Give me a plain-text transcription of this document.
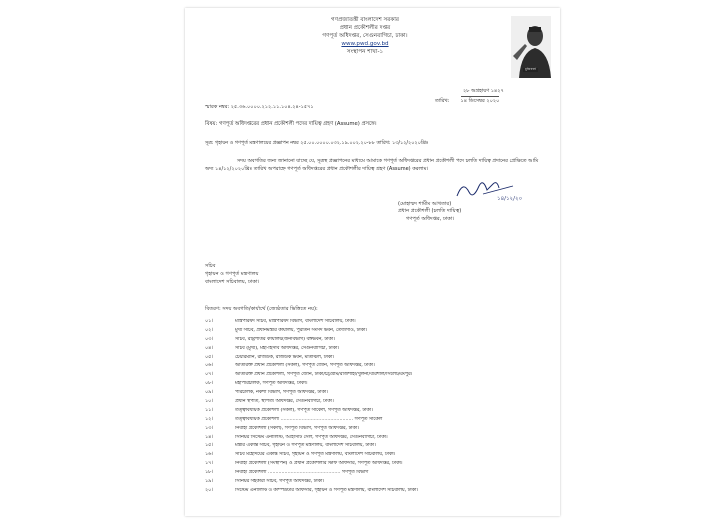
গণপ্রজাতন্ত্রী বাংলাদেশ সরকার
প্রধান প্রকৌশলীর দপ্তর
গণপূর্ত অধিদপ্তর, সেগুনবাগিচা, ঢাকা।
www.pwd.gov.bd
সংস্থাপন শাখা-১
মুজিববর্ষ
২৮ অগ্রহায়ণ ১৪২৭
তারিখ: ১৪ ডিসেম্বর ২০২০
স্মারক নম্বর: ২৫.৩৬.০০০০.২১২.১১.১০৪.২৪-১৫৭১
বিষয়: গণপূর্ত অধিদপ্তরের প্রধান প্রকৌশলী পদের দায়িত্ব গ্রহণ (Assume) প্রসঙ্গে।
সূত্র: গৃহায়ন ও গণপূর্ত মন্ত্রণালয়ের প্রজ্ঞাপন নম্বর ২৫.০০.০০০০.০৩২.১৯.০০২.২০-৮৮ তারিখ: ১৩/১২/২০২০খ্রিঃ
সদয় অবগতির জন্য জানানো যাচ্ছে যে, সূত্রস্থ প্রজ্ঞাপনের মাধ্যমে আমাকে গণপূর্ত অধিদপ্তরের প্রধান প্রকৌশলী পদে চলতি দায়িত্ব প্রদানের প্রেক্ষিতে আমি অদ্য ১৪/১২/২০২০খ্রিঃ তারিখ অপরাহ্নে গণপূর্ত অধিদপ্তরের প্রধান প্রকৌশলীর দায়িত্ব গ্রহণ (Assume) করলাম।
১৪/১২/২০
(মোহাম্মদ শামীম আখতার)
প্রধান প্রকৌশলী (চলতি দায়িত্ব)
গণপূর্ত অধিদপ্তর, ঢাকা।
সচিব
গৃহায়ন ও গণপূর্ত মন্ত্রণালয়
বাংলাদেশ সচিবালয়, ঢাকা।
বিতরণ: সদয় অবগতি/কার্যার্থে (জ্যেষ্ঠতার ভিত্তিতে নয়):
০১।	মন্ত্রিপরিষদ সচিব, মন্ত্রিপরিষদ বিভাগ, বাংলাদেশ সচিবালয়, ঢাকা।
০২।	মুখ্য সচিব, প্রধানমন্ত্রীর কার্যালয়, পুরাতন সংসদ ভবন, তেজগাঁও, ঢাকা।
০৩।	সচিব, রাষ্ট্রপতির কার্যালয়(জনবিভাগ) বঙ্গভবন, ঢাকা।
০৪।	সচিব (মুখ্য), মহা-হিসাব অধিদপ্তর, সেগুনবাগিচা, ঢাকা।
০৫।	চেয়ারম্যান, রাজউক, রাজউক ভবন, মতিঝিল, ঢাকা।
০৬।	অতিরিক্ত প্রধান প্রকৌশলী (সকল), গণপূর্ত জোন, গণপূর্ত অধিদপ্তর, ঢাকা।
০৭।	অতিরিক্ত প্রধান প্রকৌশলী, গণপূর্ত জোন, ঢাকা/চট্টগ্রাম/রাজশাহী/খুলনা/বরিশাল/সিলেট/রংপুর।
০৮।	মহাপরিচালক, গণপূর্ত অধিদপ্তর, ঢাকা।
০৯।	পরিচালক, নকশা বিভাগ, গণপূর্ত অধিদপ্তর, ঢাকা।
১০।	প্রধান স্থপতি, স্থাপত্য অধিদপ্তর, সেগুনবাগিচা, ঢাকা।
১১।	তত্ত্বাবধায়ক প্রকৌশলী (সকল), গণপূর্ত সার্কেল, গণপূর্ত অধিদপ্তর, ঢাকা।
১২।	তত্ত্বাবধায়ক প্রকৌশলী ................................................ গণপূর্ত সার্কেল
১৩।	নির্বাহী প্রকৌশলী (সকল), গণপূর্ত বিভাগ, গণপূর্ত অধিদপ্তর, ঢাকা।
১৪।	সিনিয়র সিস্টেম এনালিস্ট, আইসিটি সেল, গণপূর্ত অধিদপ্তর, সেগুনবাগিচা, ঢাকা।
১৫।	মন্ত্রীর একান্ত সচিব, গৃহায়ন ও গণপূর্ত মন্ত্রণালয়, বাংলাদেশ সচিবালয়, ঢাকা।
১৬।	সচিব মহোদয়ের একান্ত সচিব, গৃহায়ন ও গণপূর্ত মন্ত্রণালয়, বাংলাদেশ সচিবালয়, ঢাকা।
১৭।	নির্বাহী প্রকৌশলী (সংস্থাপন) ও প্রধান প্রকৌশলীর স্টাফ অফিসার, গণপূর্ত অধিদপ্তর, ঢাকা।
১৮।	নির্বাহী প্রকৌশলী ................................................ গণপূর্ত বিভাগ
১৯।	সিনিয়র সহকারী সচিব, গণপূর্ত অধিদপ্তর, ঢাকা।
২০।	সিস্টেম এনালিস্ট ও কম্পিউটার অফিসার, গৃহায়ন ও গণপূর্ত মন্ত্রণালয়, বাংলাদেশ সচিবালয়, ঢাকা।
